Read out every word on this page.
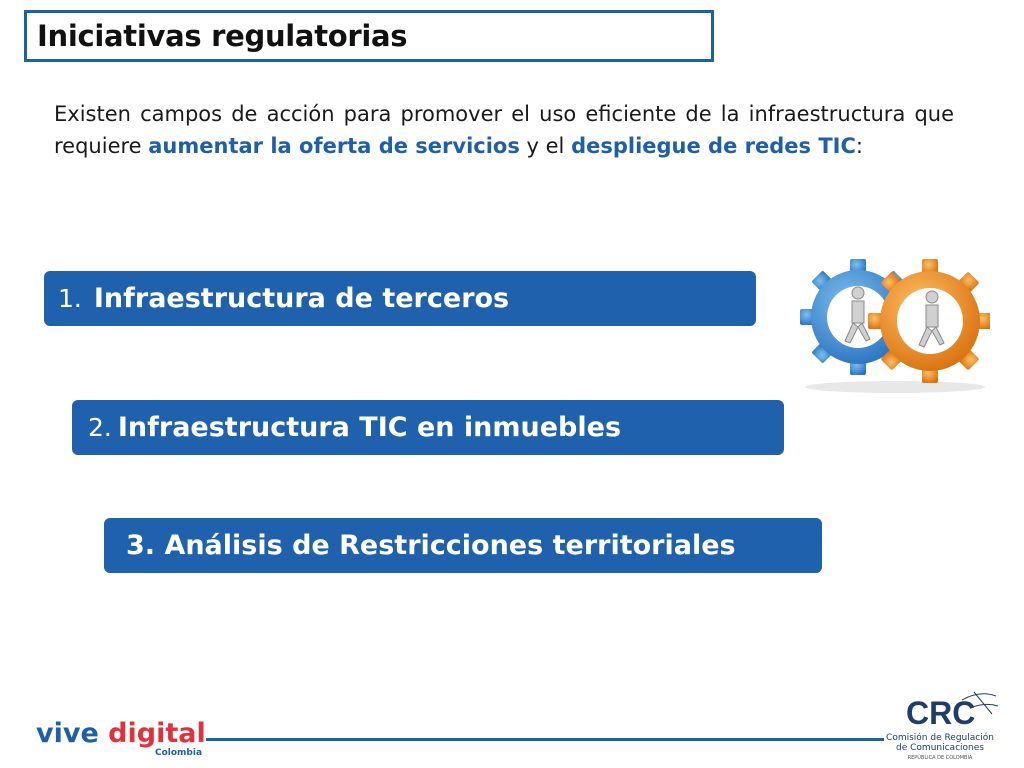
Iniciativas regulatorias

Existen campos de acción para promover el uso eficiente de la infraestructura que requiere aumentar la oferta de servicios y el despliegue de redes TIC:

1. Infraestructura de terceros
2. Infraestructura TIC en inmuebles
3. Análisis de Restricciones territoriales
vive digital
Colombia
CRC
Comisión de Regulación
de Comunicaciones
REPÚBLICA DE COLOMBIA
